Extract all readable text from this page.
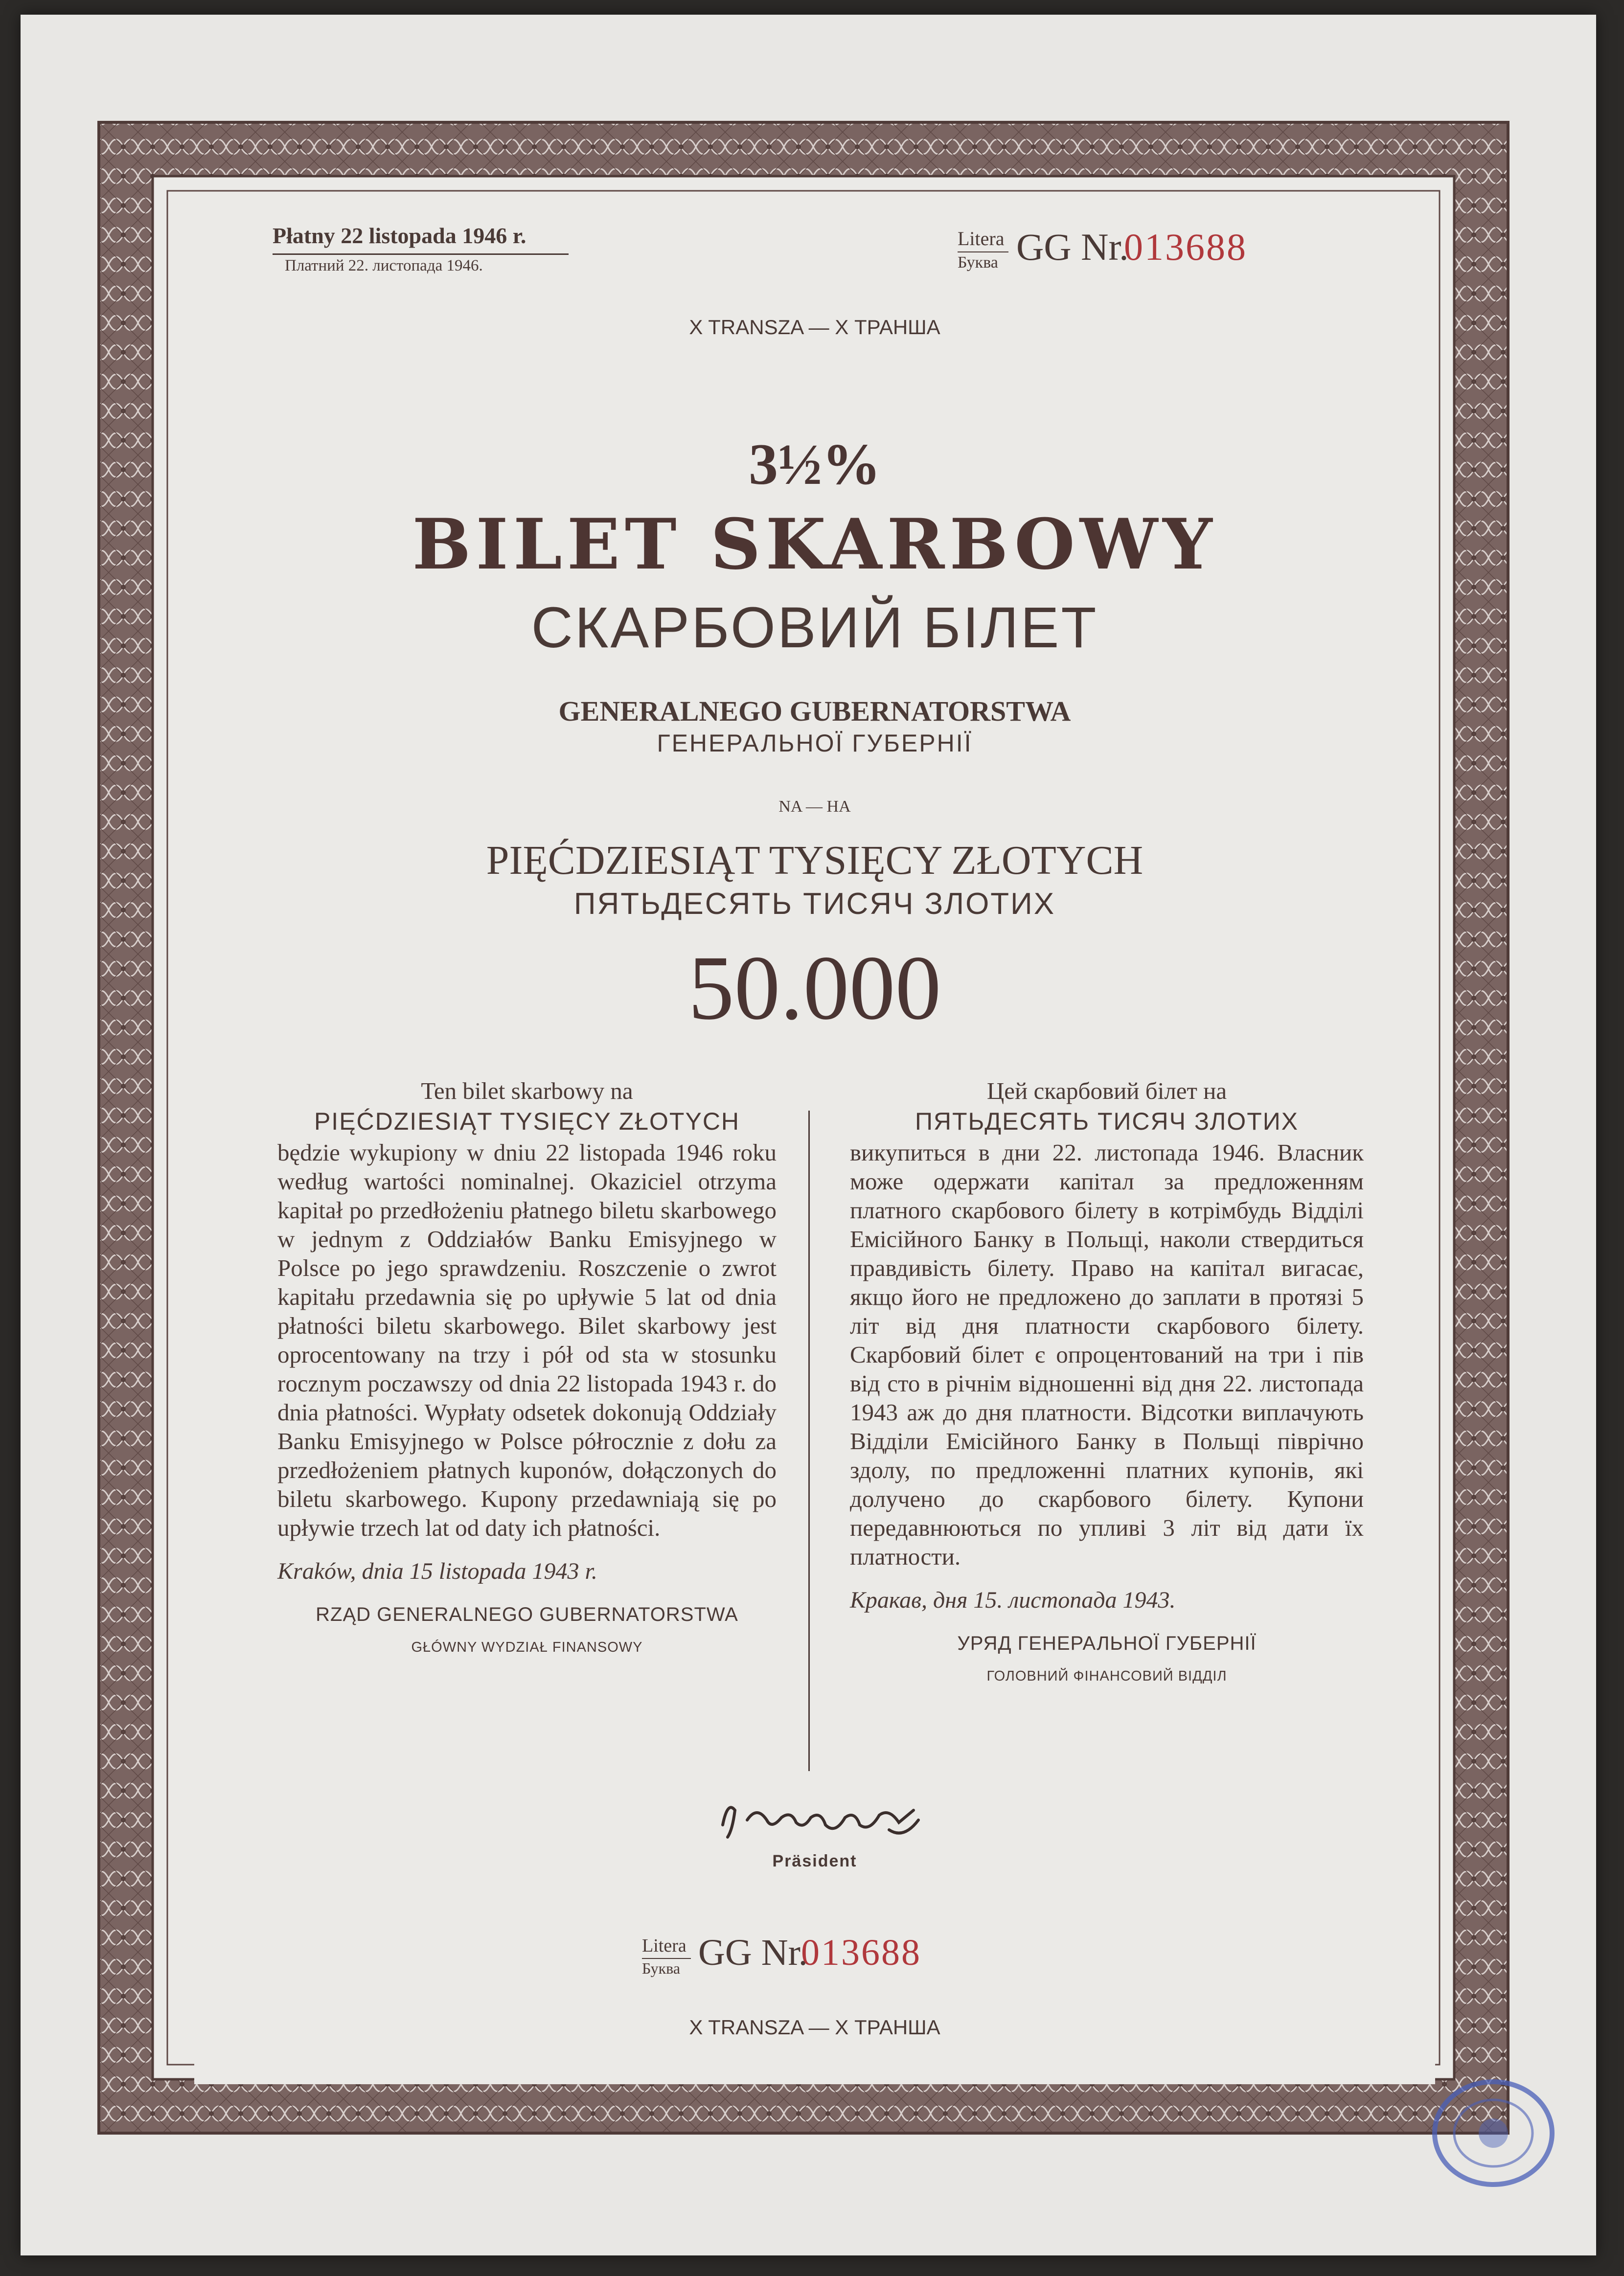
Płatny 22 listopada 1946 r.
Платний 22. листопада 1946.
Litera
Буква GG Nr.
013688
X TRANSZA — X ТРАНША
3½%
BILET SKARBOWY
СКАРБОВИЙ БІЛЕТ
GENERALNEGO GUBERNATORSTWA
ГЕНЕРАЛЬНОЇ ГУБЕРНІЇ
NA — НА
PIĘĆDZIESIĄT TYSIĘCY ZŁOTYCH
ПЯТЬДЕСЯТЬ ТИСЯЧ ЗЛОТИХ
50.000
Ten bilet skarbowy na
PIĘĆDZIESIĄT TYSIĘCY ZŁOTYCH
będzie wykupiony w dniu 22 listopada 1946 roku według wartości nominalnej. Okaziciel otrzyma kapitał po przedłożeniu płatnego biletu skarbowego w jednym z Oddziałów Banku Emisyjnego w Polsce po jego sprawdzeniu. Roszczenie o zwrot kapitału przedawnia się po upływie 5 lat od dnia płatności biletu skarbowego. Bilet skarbowy jest oprocentowany na trzy i pół od sta w stosunku rocznym poczawszy od dnia 22 listopada 1943 r. do dnia płatności. Wypłaty odsetek dokonują Oddziały Banku Emisyjnego w Polsce półrocznie z dołu za przedłożeniem płatnych kuponów, dołączonych do biletu skarbowego. Kupony przedawniają się po upływie trzech lat od daty ich płatności.
Kraków, dnia 15 listopada 1943 r.
RZĄD GENERALNEGO GUBERNATORSTWA
GŁÓWNY WYDZIAŁ FINANSOWY
Цей скарбовий білет на
ПЯТЬДЕСЯТЬ ТИСЯЧ ЗЛОТИХ
викупиться в дни 22. листопада 1946. Власник може одержати капітал за предложенням платного скарбового білету в котрімбудь Відділі Емісійного Банку в Польщі, наколи ствердиться правдивість білету. Право на капітал вигасає, якщо його не предложено до заплати в протязі 5 літ від дня платности скарбового білету. Скарбовий білет є опроцентований на три і пів від сто в річнім відношенні від дня 22. листопада 1943 аж до дня платности. Відсотки виплачують Відділи Емісійного Банку в Польщі піврічно здолу, по предложенні платних купонів, які долучено до скарбового білету. Купони передавнюються по упливі 3 літ від дати їх платности.
Кракав, дня 15. листопада 1943.
УРЯД ГЕНЕРАЛЬНОЇ ГУБЕРНІЇ
ГОЛОВНИЙ ФІНАНСОВИЙ ВІДДІЛ
Präsident
Litera
Буква GG Nr.
013688
X TRANSZA — X ТРАНША
